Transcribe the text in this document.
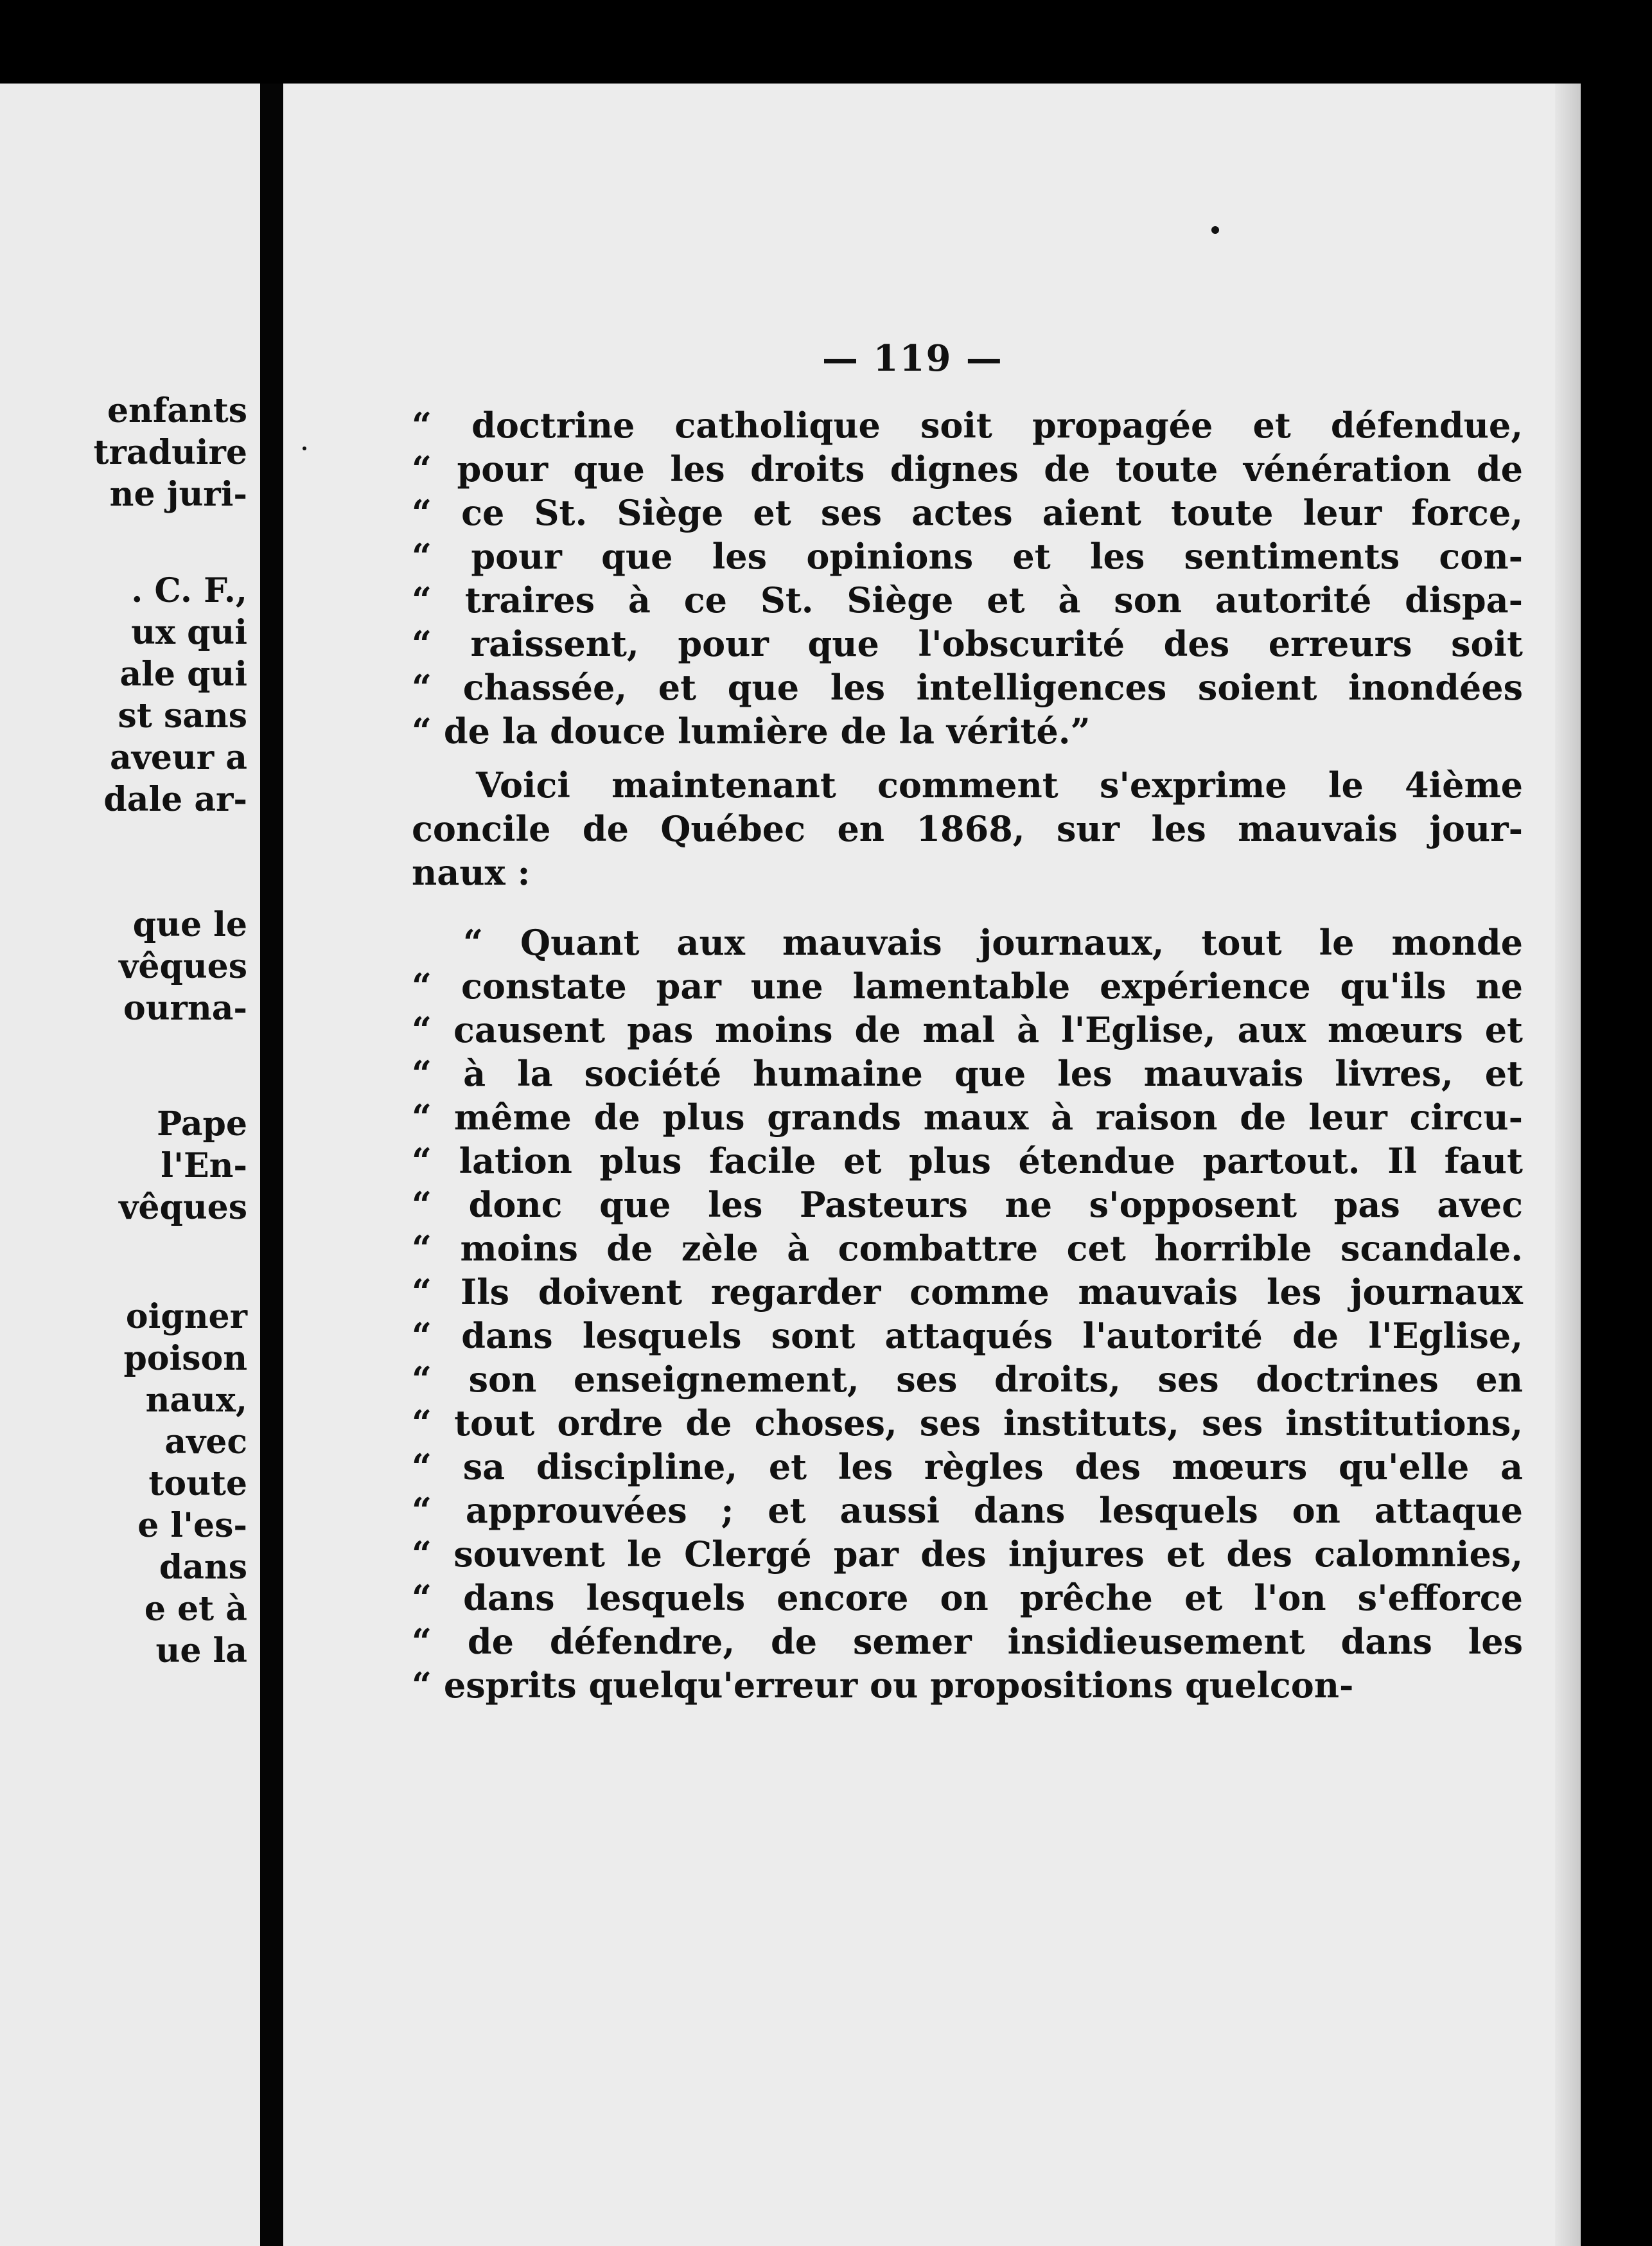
enfants
traduire
ne juri-
. C. F.,
ux qui
ale qui
st sans
aveur a
dale ar-
que le
vêques
ourna-
Pape
l'En-
vêques
oigner
poison
naux,
avec
toute
e l'es-
dans
e et à
ue la
— 119 —
“ doctrine catholique soit propagée et défendue,
“ pour que les droits dignes de toute vénération de
“ ce St. Siège et ses actes aient toute leur force,
“ pour que les opinions et les sentiments con-
“ traires à ce St. Siège et à son autorité dispa-
“ raissent, pour que l'obscurité des erreurs soit
“ chassée, et que les intelligences soient inondées
“ de la douce lumière de la vérité.”
Voici maintenant comment s'exprime le 4ième
concile de Québec en 1868, sur les mauvais jour-
naux :
“ Quant aux mauvais journaux, tout le monde
“ constate par une lamentable expérience qu'ils ne
“ causent pas moins de mal à l'Eglise, aux mœurs et
“ à la société humaine que les mauvais livres, et
“ même de plus grands maux à raison de leur circu-
“ lation plus facile et plus étendue partout. Il faut
“ donc que les Pasteurs ne s'opposent pas avec
“ moins de zèle à combattre cet horrible scandale.
“ Ils doivent regarder comme mauvais les journaux
“ dans lesquels sont attaqués l'autorité de l'Eglise,
“ son enseignement, ses droits, ses doctrines en
“ tout ordre de choses, ses instituts, ses institutions,
“ sa discipline, et les règles des mœurs qu'elle a
“ approuvées ; et aussi dans lesquels on attaque
“ souvent le Clergé par des injures et des calomnies,
“ dans lesquels encore on prêche et l'on s'efforce
“ de défendre, de semer insidieusement dans les
“ esprits quelqu'erreur ou propositions quelcon-
